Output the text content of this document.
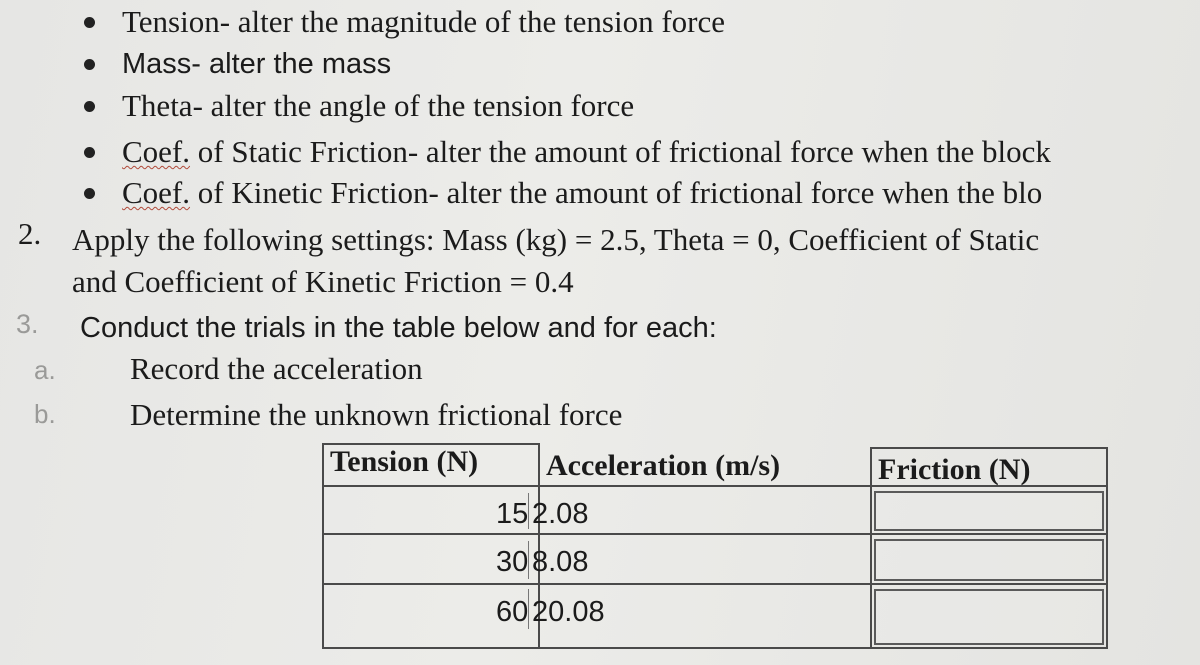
Tension- alter the magnitude of the tension force
Mass- alter the mass
Theta- alter the angle of the tension force
Coef. of Static Friction- alter the amount of frictional force when the block
Coef. of Kinetic Friction- alter the amount of frictional force when the blo
2. Apply the following settings: Mass (kg) = 2.5, Theta = 0, Coefficient of Static
and Coefficient of Kinetic Friction = 0.4
3. Conduct the trials in the table below and for each:
a. Record the acceleration
b. Determine the unknown frictional force
Tension (N) Acceleration (m/s)	Friction (N)
15 2.08
30 8.08
60 20.08
